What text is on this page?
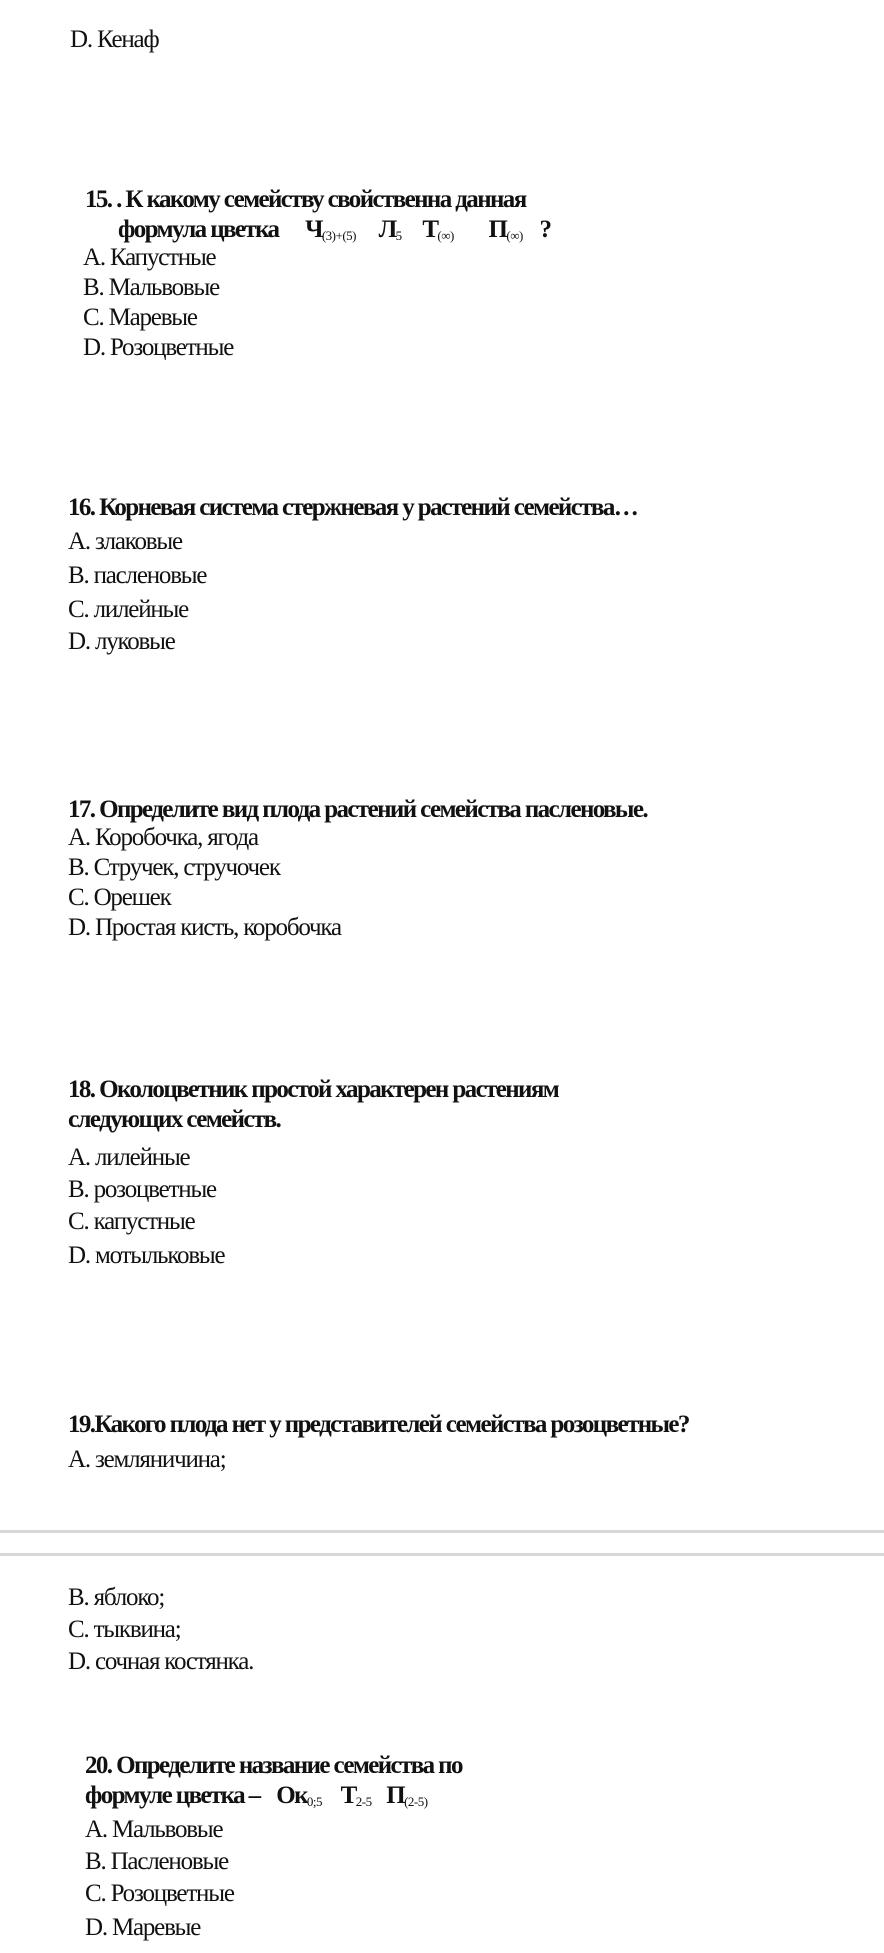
D. Кенаф
15. . К какому семейству свойственна данная
формула цветка $Ч_{(3)+(5)}$ $Л_5$ $Т_{(\infty)}$ $П_{(\infty)}$ ?
A. Капустные
B. Мальвовые
C. Маревые
D. Розоцветные
16. Корневая система стержневая у растений семейства…
A. злаковые
B. пасленовые
C. лилейные
D. луковые
17. Определите вид плода растений семейства пасленовые.
A. Коробочка, ягода
B. Стручек, стручочек
C. Орешек
D. Простая кисть, коробочка
18. Околоцветник простой характерен растениям
следующих семейств.
A. лилейные
B. розоцветные
C. капустные
D. мотыльковые
19.Какого плода нет у представителей семейства розоцветные?
A. земляничина;
B. яблоко;
C. тыквина;
D. сочная костянка.
20. Определите название семейства по
формуле цветка – $Ок_{0;5}$ $Т_{2-5}$ $П_{(2-5)}$
A. Мальвовые
B. Пасленовые
C. Розоцветные
D. Маревые
